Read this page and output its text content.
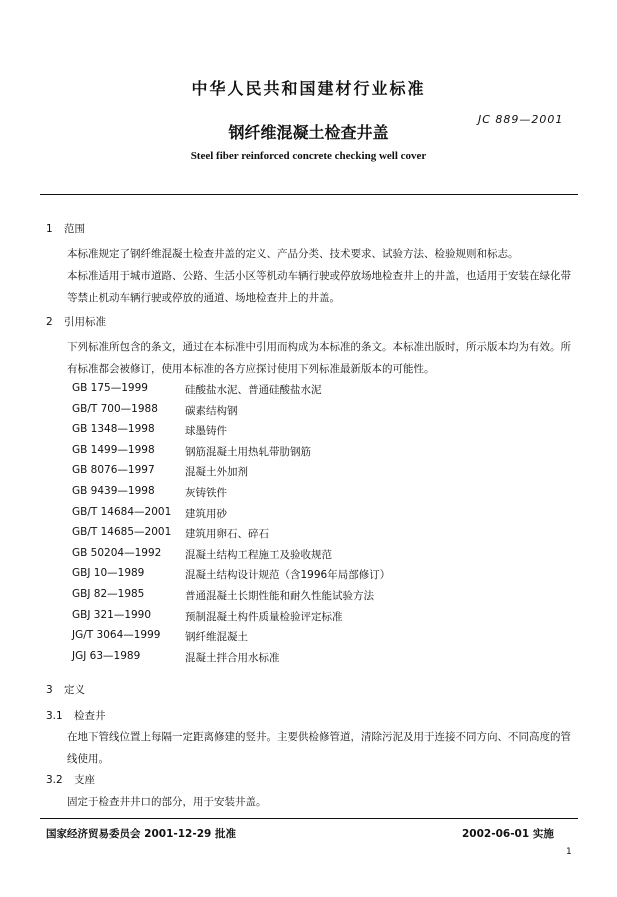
中华人民共和国建材行业标准
JC 889—2001
钢纤维混凝土检查井盖
Steel fiber reinforced concrete checking well cover
1 范围
本标准规定了钢纤维混凝土检查井盖的定义、产品分类、技术要求、试验方法、检验规则和标志。
本标准适用于城市道路、公路、生活小区等机动车辆行驶或停放场地检查井上的井盖，也适用于安装在绿化带等禁止机动车辆行驶或停放的通道、场地检查井上的井盖。
2 引用标准
下列标准所包含的条文，通过在本标准中引用而构成为本标准的条文。本标准出版时，所示版本均为有效。所有标准都会被修订，使用本标准的各方应探讨使用下列标准最新版本的可能性。
GB 175—1999	硅酸盐水泥、普通硅酸盐水泥
GB/T 700—1988	碳素结构钢
GB 1348—1998	球墨铸件
GB 1499—1998	钢筋混凝土用热轧带肋钢筋
GB 8076—1997	混凝土外加剂
GB 9439—1998	灰铸铁件
GB/T 14684—2001 建筑用砂
GB/T 14685—2001 建筑用卵石、碎石
GB 50204—1992 混凝土结构工程施工及验收规范
GBJ 10—1989	混凝土结构设计规范（含1996年局部修订）
GBJ 82—1985	普通混凝土长期性能和耐久性能试验方法
GBJ 321—1990	预制混凝土构件质量检验评定标准
JG/T 3064—1999 钢纤维混凝土
JGJ 63—1989	混凝土拌合用水标准
3 定义
3.1 检查井
在地下管线位置上每隔一定距离修建的竖井。主要供检修管道，清除污泥及用于连接不同方向、不同高度的管线使用。
3.2 支座
固定于检查井井口的部分，用于安装井盖。
国家经济贸易委员会 2001-12-29 批准	2002-06-01 实施
1
